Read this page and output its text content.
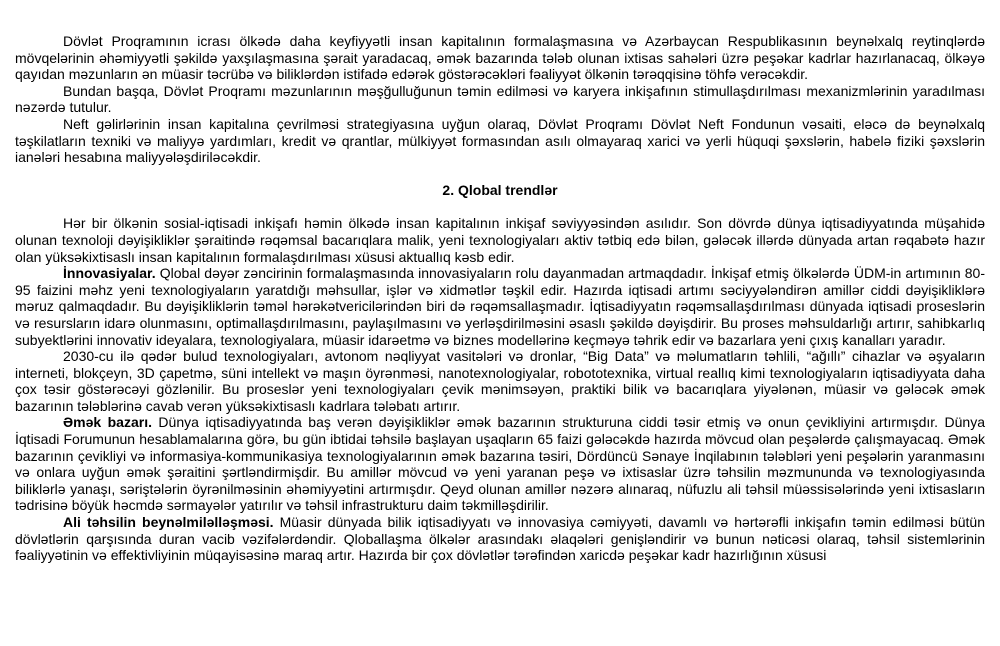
Dövlət Proqramının icrası ölkədə daha keyfiyyətli insan kapitalının formalaşmasına və Azərbaycan Respublikasının beynəlxalq reytinqlərdə mövqelərinin əhəmiyyətli şəkildə yaxşılaşmasına şərait yaradacaq, əmək bazarında tələb olunan ixtisas sahələri üzrə peşəkar kadrlar hazırlanacaq, ölkəyə qayıdan məzunların ən müasir təcrübə və biliklərdən istifadə edərək göstərəcəkləri fəaliyyət ölkənin tərəqqisinə töhfə verəcəkdir.

Bundan başqa, Dövlət Proqramı məzunlarının məşğulluğunun təmin edilməsi və karyera inkişafının stimullaşdırılması mexanizmlərinin yaradılması nəzərdə tutulur.

Neft gəlirlərinin insan kapitalına çevrilməsi strategiyasına uyğun olaraq, Dövlət Proqramı Dövlət Neft Fondunun vəsaiti, eləcə də beynəlxalq təşkilatların texniki və maliyyə yardımları, kredit və qrantlar, mülkiyyət formasından asılı olmayaraq xarici və yerli hüquqi şəxslərin, habelə fiziki şəxslərin ianələri hesabına maliyyələşdiriləcəkdir.

2. Qlobal trendlər

Hər bir ölkənin sosial-iqtisadi inkişafı həmin ölkədə insan kapitalının inkişaf səviyyəsindən asılıdır. Son dövrdə dünya iqtisadiyyatında müşahidə olunan texnoloji dəyişikliklər şəraitində rəqəmsal bacarıqlara malik, yeni texnologiyaları aktiv tətbiq edə bilən, gələcək illərdə dünyada artan rəqabətə hazır olan yüksəkixtisaslı insan kapitalının formalaşdırılması xüsusi aktuallıq kəsb edir.

İnnovasiyalar. Qlobal dəyər zəncirinin formalaşmasında innovasiyaların rolu dayanmadan artmaqdadır. İnkişaf etmiş ölkələrdə ÜDM-in artımının 80-95 faizini məhz yeni texnologiyaların yaratdığı məhsullar, işlər və xidmətlər təşkil edir. Hazırda iqtisadi artımı səciyyələndirən amillər ciddi dəyişikliklərə məruz qalmaqdadır. Bu dəyişikliklərin təməl hərəkətvericilərindən biri də rəqəmsallaşmadır. İqtisadiyyatın rəqəmsallaşdırılması dünyada iqtisadi proseslərin və resursların idarə olunmasını, optimallaşdırılmasını, paylaşılmasını və yerləşdirilməsini əsaslı şəkildə dəyişdirir. Bu proses məhsuldarlığı artırır, sahibkarlıq subyektlərini innovativ ideyalara, texnologiyalara, müasir idarəetmə və biznes modellərinə keçməyə təhrik edir və bazarlara yeni çıxış kanalları yaradır.

2030-cu ilə qədər bulud texnologiyaları, avtonom nəqliyyat vasitələri və dronlar, “Big Data” və məlumatların təhlili, “ağıllı” cihazlar və əşyaların interneti, blokçeyn, 3D çapetmə, süni intellekt və maşın öyrənməsi, nanotexnologiyalar, robototexnika, virtual reallıq kimi texnologiyaların iqtisadiyyata daha çox təsir göstərəcəyi gözlənilir. Bu proseslər yeni texnologiyaları çevik mənimsəyən, praktiki bilik və bacarıqlara yiyələnən, müasir və gələcək əmək bazarının tələblərinə cavab verən yüksəkixtisaslı kadrlara tələbatı artırır.

Əmək bazarı. Dünya iqtisadiyyatında baş verən dəyişikliklər əmək bazarının strukturuna ciddi təsir etmiş və onun çevikliyini artırmışdır. Dünya İqtisadi Forumunun hesablamalarına görə, bu gün ibtidai təhsilə başlayan uşaqların 65 faizi gələcəkdə hazırda mövcud olan peşələrdə çalışmayacaq. Əmək bazarının çevikliyi və informasiya-kommunikasiya texnologiyalarının əmək bazarına təsiri, Dördüncü Sənaye İnqilabının tələbləri yeni peşələrin yaranmasını və onlara uyğun əmək şəraitini şərtləndirmişdir. Bu amillər mövcud və yeni yaranan peşə və ixtisaslar üzrə təhsilin məzmununda və texnologiyasında biliklərlə yanaşı, səriştələrin öyrənilməsinin əhəmiyyətini artırmışdır. Qeyd olunan amillər nəzərə alınaraq, nüfuzlu ali təhsil müəssisələrində yeni ixtisasların tədrisinə böyük həcmdə sərmayələr yatırılır və təhsil infrastrukturu daim təkmilləşdirilir.

Ali təhsilin beynəlmiləlləşməsi. Müasir dünyada bilik iqtisadiyyatı və innovasiya cəmiyyəti, davamlı və hərtərəfli inkişafın təmin edilməsi bütün dövlətlərin qarşısında duran vacib vəzifələrdəndir. Qloballaşma ölkələr arasındakı əlaqələri genişləndirir və bunun nəticəsi olaraq, təhsil sistemlərinin fəaliyyətinin və effektivliyinin müqayisəsinə maraq artır. Hazırda bir çox dövlətlər tərəfindən xaricdə peşəkar kadr hazırlığının xüsusi
